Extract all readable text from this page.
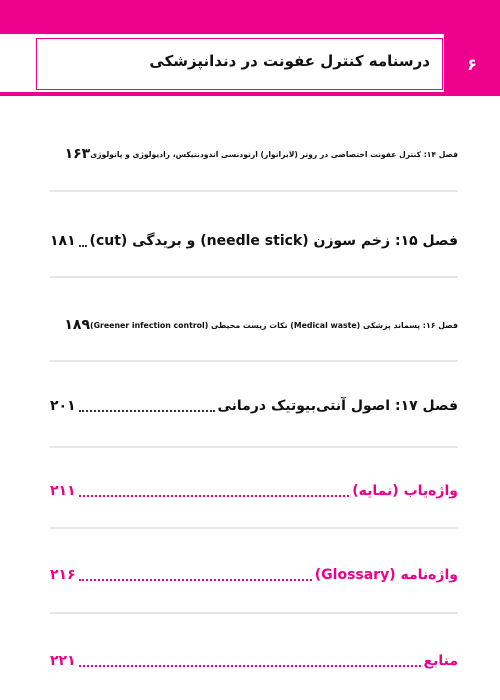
درسنامه کنترل عفونت در دندانپزشکی	۶
فصل ۱۴: کنترل عفونت اختصاصی در روتر (لابراتوار) ارتودنسی اندودنتیکس، رادیولوژی و پاتولوژی
۱۶۳
فصل ۱۵: زخم سوزن (needle stick) و بریدگی (cut)
۱۸۱
فصل ۱۶: پسماند پزشکی (Medical waste) نکات زیست محیطی (Greener infection control)
۱۸۹
فصل ۱۷: اصول آنتی‌بیوتیک درمانی
۲۰۱
واژه‌یاب (نمایه)
۲۱۱
واژه‌نامه (Glossary)
۲۱۶
منابع
۲۲۱
